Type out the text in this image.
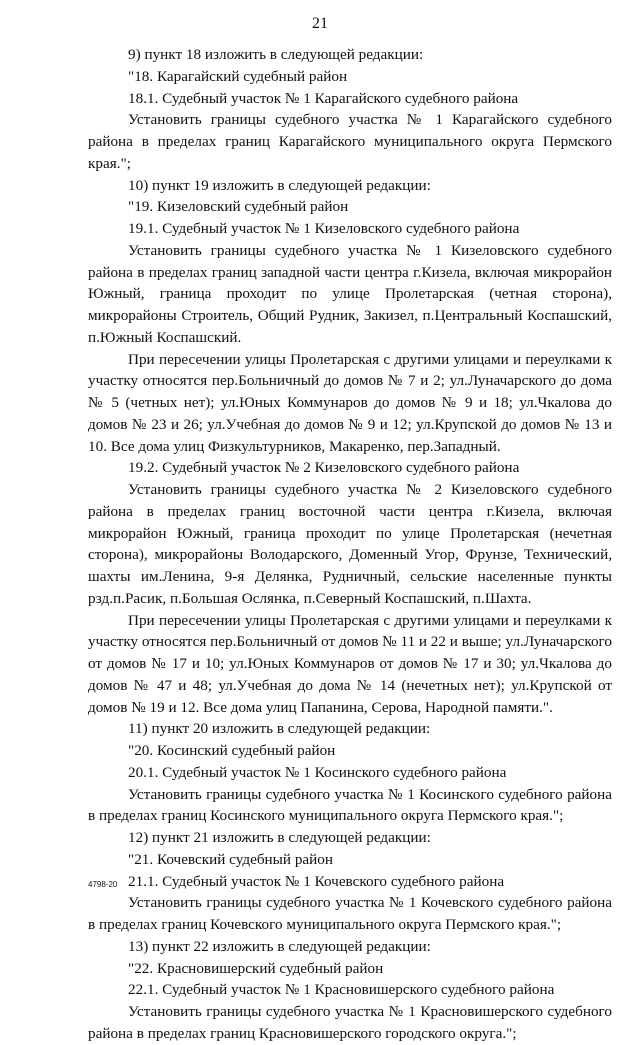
21

9) пункт 18 изложить в следующей редакции:

"18. Карагайский судебный район

18.1. Судебный участок № 1 Карагайского судебного района

Установить границы судебного участка № 1 Карагайского судебного района в пределах границ Карагайского муниципального округа Пермского края.";

10) пункт 19 изложить в следующей редакции:

"19. Кизеловский судебный район

19.1. Судебный участок № 1 Кизеловского судебного района

Установить границы судебного участка № 1 Кизеловского судебного района в пределах границ западной части центра г.Кизела, включая микрорайон Южный, граница проходит по улице Пролетарская (четная сторона), микрорайоны Строитель, Общий Рудник, Закизел, п.Центральный Коспашский, п.Южный Коспашский.

При пересечении улицы Пролетарская с другими улицами и переулками к участку относятся пер.Больничный до домов № 7 и 2; ул.Луначарского до дома № 5 (четных нет); ул.Юных Коммунаров до домов № 9 и 18; ул.Чкалова до домов № 23 и 26; ул.Учебная до домов № 9 и 12; ул.Крупской до домов № 13 и 10. Все дома улиц Физкультурников, Макаренко, пер.Западный.

19.2. Судебный участок № 2 Кизеловского судебного района

Установить границы судебного участка № 2 Кизеловского судебного района в пределах границ восточной части центра г.Кизела, включая микрорайон Южный, граница проходит по улице Пролетарская (нечетная сторона), микрорайоны Володарского, Доменный Угор, Фрунзе, Технический, шахты им.Ленина, 9-я Делянка, Рудничный, сельские населенные пункты рзд.п.Расик, п.Большая Ослянка, п.Северный Коспашский, п.Шахта.

При пересечении улицы Пролетарская с другими улицами и переулками к участку относятся пер.Больничный от домов № 11 и 22 и выше; ул.Луначарского от домов № 17 и 10; ул.Юных Коммунаров от домов № 17 и 30; ул.Чкалова до домов № 47 и 48; ул.Учебная до дома № 14 (нечетных нет); ул.Крупской от домов № 19 и 12. Все дома улиц Папанина, Серова, Народной памяти.".

11) пункт 20 изложить в следующей редакции:

"20. Косинский судебный район

20.1. Судебный участок № 1 Косинского судебного района

Установить границы судебного участка № 1 Косинского судебного района в пределах границ Косинского муниципального округа Пермского края.";

12) пункт 21 изложить в следующей редакции:

"21. Кочевский судебный район

21.1. Судебный участок № 1 Кочевского судебного района

Установить границы судебного участка № 1 Кочевского судебного района в пределах границ Кочевского муниципального округа Пермского края.";

13) пункт 22 изложить в следующей редакции:

"22. Красновишерский судебный район

22.1. Судебный участок № 1 Красновишерского судебного района

Установить границы судебного участка № 1 Красновишерского судебного района в пределах границ Красновишерского городского округа.";

4798-20
